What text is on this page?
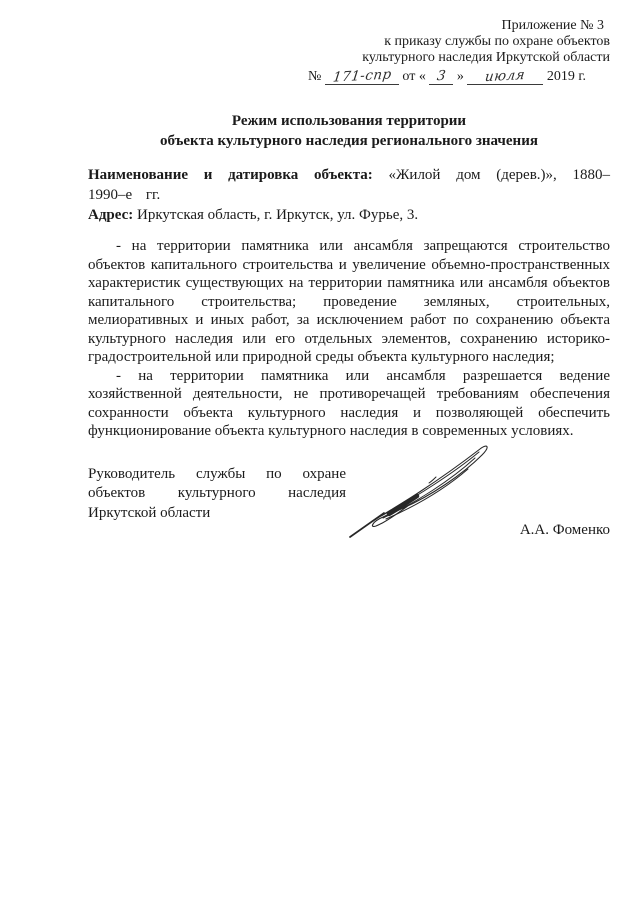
Приложение № 3
к приказу службы по охране объектов
культурного наследия Иркутской области
№ 171-спр от « 3 » июля 2019 г.
Режим использования территории
объекта культурного наследия регионального значения
Наименование и датировка объекта: «Жилой дом (дерев.)», 1880–1990–е гг.
Адрес: Иркутская область, г. Иркутск, ул. Фурье, 3.

- на территории памятника или ансамбля запрещаются строительство объектов капитального строительства и увеличение объемно-пространственных характеристик существующих на территории памятника или ансамбля объектов капитального строительства; проведение земляных, строительных, мелиоративных и иных работ, за исключением работ по сохранению объекта культурного наследия или его отдельных элементов, сохранению историко-градостроительной или природной среды объекта культурного наследия;

- на территории памятника или ансамбля разрешается ведение хозяйственной деятельности, не противоречащей требованиям обеспечения сохранности объекта культурного наследия и позволяющей обеспечить функционирование объекта культурного наследия в современных условиях.

Руководитель службы по охране объектов культурного наследия Иркутской области
А.А. Фоменко
